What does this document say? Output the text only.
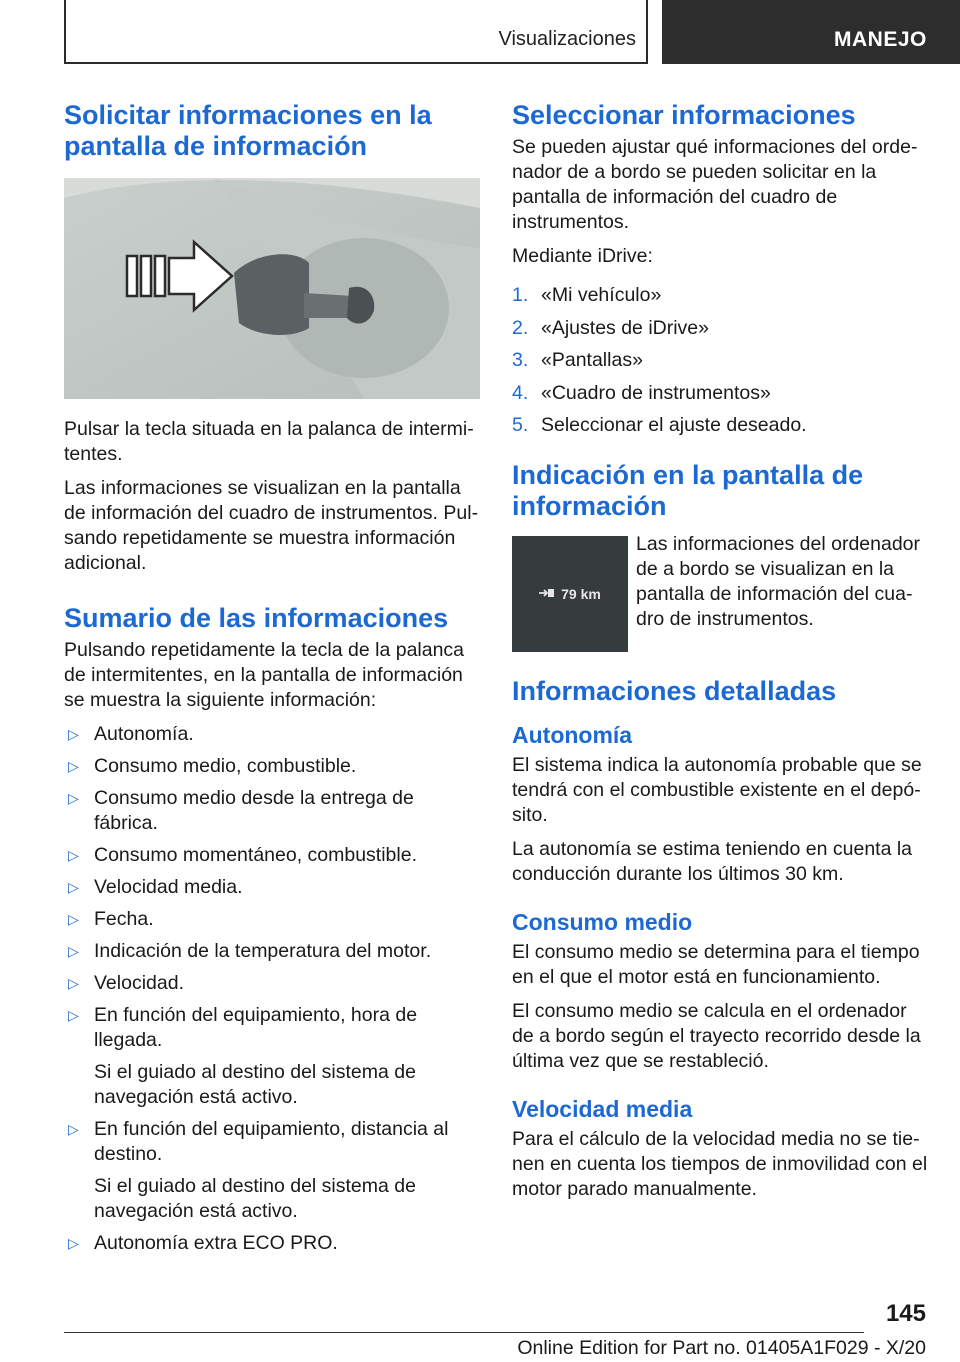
Visualizaciones	MANEJO
Solicitar informaciones en la pantalla de información

Pulsar la tecla situada en la palanca de intermitentes.

Las informaciones se visualizan en la pantalla de información del cuadro de instrumentos. Pulsando repetidamente se muestra información adicional.

Sumario de las informaciones

Pulsando repetidamente la tecla de la palanca de intermitentes, en la pantalla de información se muestra la siguiente información:

▷ Autonomía.
▷ Consumo medio, combustible.
▷ Consumo medio desde la entrega de fábrica.
▷ Consumo momentáneo, combustible.
▷ Velocidad media.
▷ Fecha.
▷ Indicación de la temperatura del motor.
▷ Velocidad.
▷ En función del equipamiento, hora de llegada.
Si el guiado al destino del sistema de navegación está activo.
▷ En función del equipamiento, distancia al destino.
Si el guiado al destino del sistema de navegación está activo.
▷ Autonomía extra ECO PRO.
Seleccionar informaciones

Se pueden ajustar qué informaciones del ordenador de a bordo se pueden solicitar en la pantalla de información del cuadro de instrumentos.

Mediante iDrive:

1. «Mi vehículo»
2. «Ajustes de iDrive»
3. «Pantallas»
4. «Cuadro de instrumentos»
5. Seleccionar el ajuste deseado.
Indicación en la pantalla de información
79 km

Las informaciones del ordenador de a bordo se visualizan en la pantalla de información del cuadro de instrumentos.

Informaciones detalladas
Autonomía

El sistema indica la autonomía probable que se tendrá con el combustible existente en el depósito.

La autonomía se estima teniendo en cuenta la conducción durante los últimos 30 km.

Consumo medio

El consumo medio se determina para el tiempo en el que el motor está en funcionamiento.

El consumo medio se calcula en el ordenador de a bordo según el trayecto recorrido desde la última vez que se restableció.

Velocidad media

Para el cálculo de la velocidad media no se tienen en cuenta los tiempos de inmovilidad con el motor parado manualmente.

145
Online Edition for Part no. 01405A1F029 - X/20
